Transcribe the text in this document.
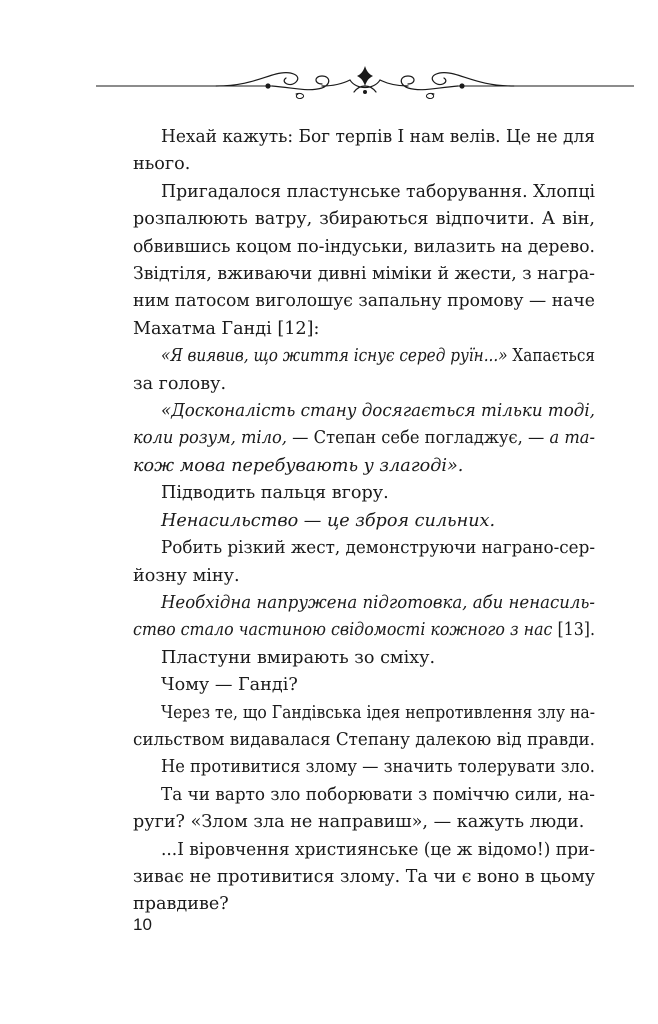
Нехай кажуть: Бог терпів І нам велів. Це не для
нього.
Пригадалося пластунське таборування. Хлопці
розпалюють ватру, збираються відпочити. А він,
обвившись коцом по-індуськи, вилазить на дерево.
Звідтіля, вживаючи дивні міміки й жести, з награ-
ним патосом виголошує запальну промову — наче
Махатма Ганді [12]:
«Я виявив, що життя існує серед руїн...» Хапається
за голову.
«Досконалість стану досягається тільки тоді,
коли розум, тіло, — Степан себе погладжує, — а та-
кож мова перебувають у злагоді».
Підводить пальця вгору.
Ненасильство — це зброя сильних.
Робить різкий жест, демонструючи награно-сер-
йозну міну.
Необхідна напружена підготовка, аби ненасиль-
ство стало частиною свідомості кожного з нас [13].
Пластуни вмирають зо сміху.
Чому — Ганді?
Через те, що Гандівська ідея непротивлення злу на-
сильством видавалася Степану далекою від правди.
Не противитися злому — значить толерувати зло.
Та чи варто зло поборювати з поміччю сили, на-
руги? «Злом зла не направиш», — кажуть люди.
...І віровчення християнське (це ж відомо!) при-
зиває не противитися злому. Та чи є воно в цьому
правдиве?
10
